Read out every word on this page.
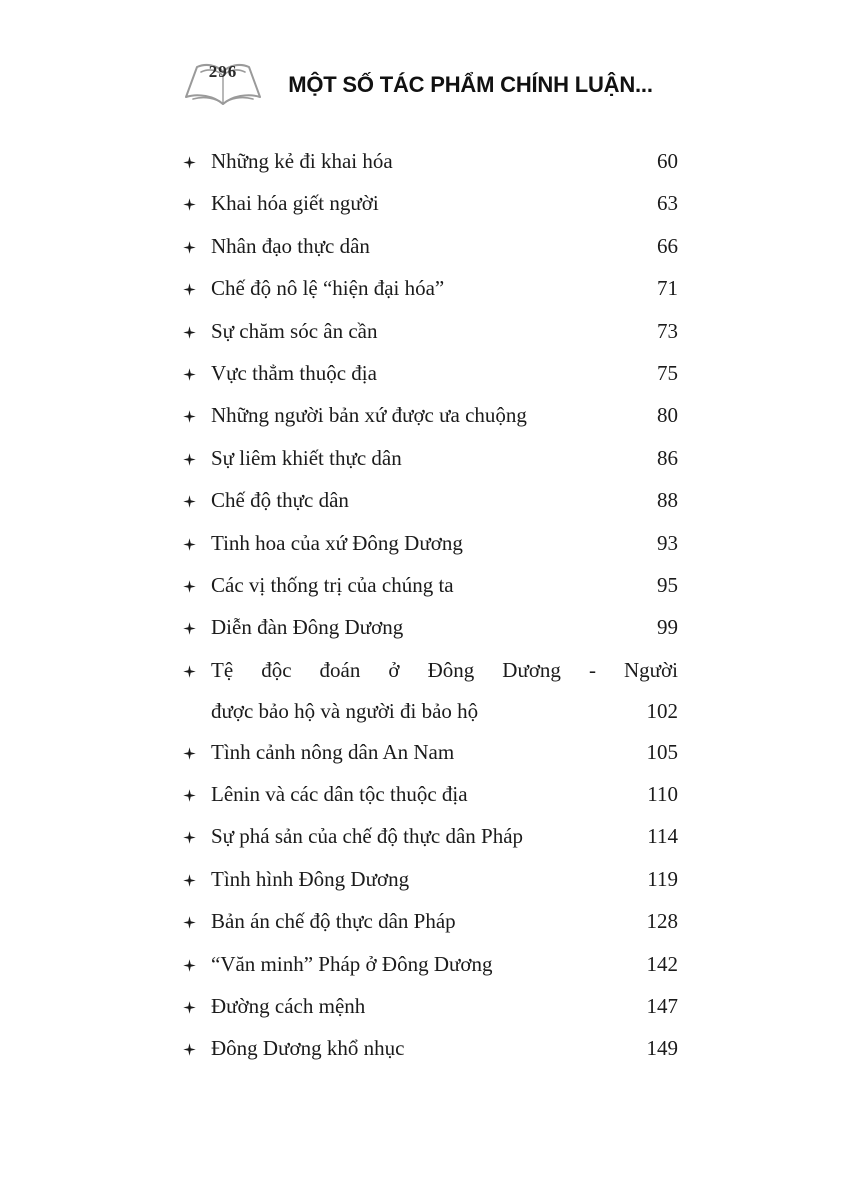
296
MỘT SỐ TÁC PHẨM CHÍNH LUẬN...
Những kẻ đi khai hóa	60
Khai hóa giết người	63
Nhân đạo thực dân	66
Chế độ nô lệ “hiện đại hóa”	71
Sự chăm sóc ân cần	73
Vực thẳm thuộc địa	75
Những người bản xứ được ưa chuộng	80
Sự liêm khiết thực dân	86
Chế độ thực dân	88
Tinh hoa của xứ Đông Dương	93
Các vị thống trị của chúng ta	95
Diễn đàn Đông Dương	99
Tệ độc đoán ở Đông Dương - Người
được bảo hộ và người đi bảo hộ	102
Tình cảnh nông dân An Nam	105
Lênin và các dân tộc thuộc địa	110
Sự phá sản của chế độ thực dân Pháp	114
Tình hình Đông Dương	119
Bản án chế độ thực dân Pháp	128
“Văn minh” Pháp ở Đông Dương	142
Đường cách mệnh	147
Đông Dương khổ nhục	149
